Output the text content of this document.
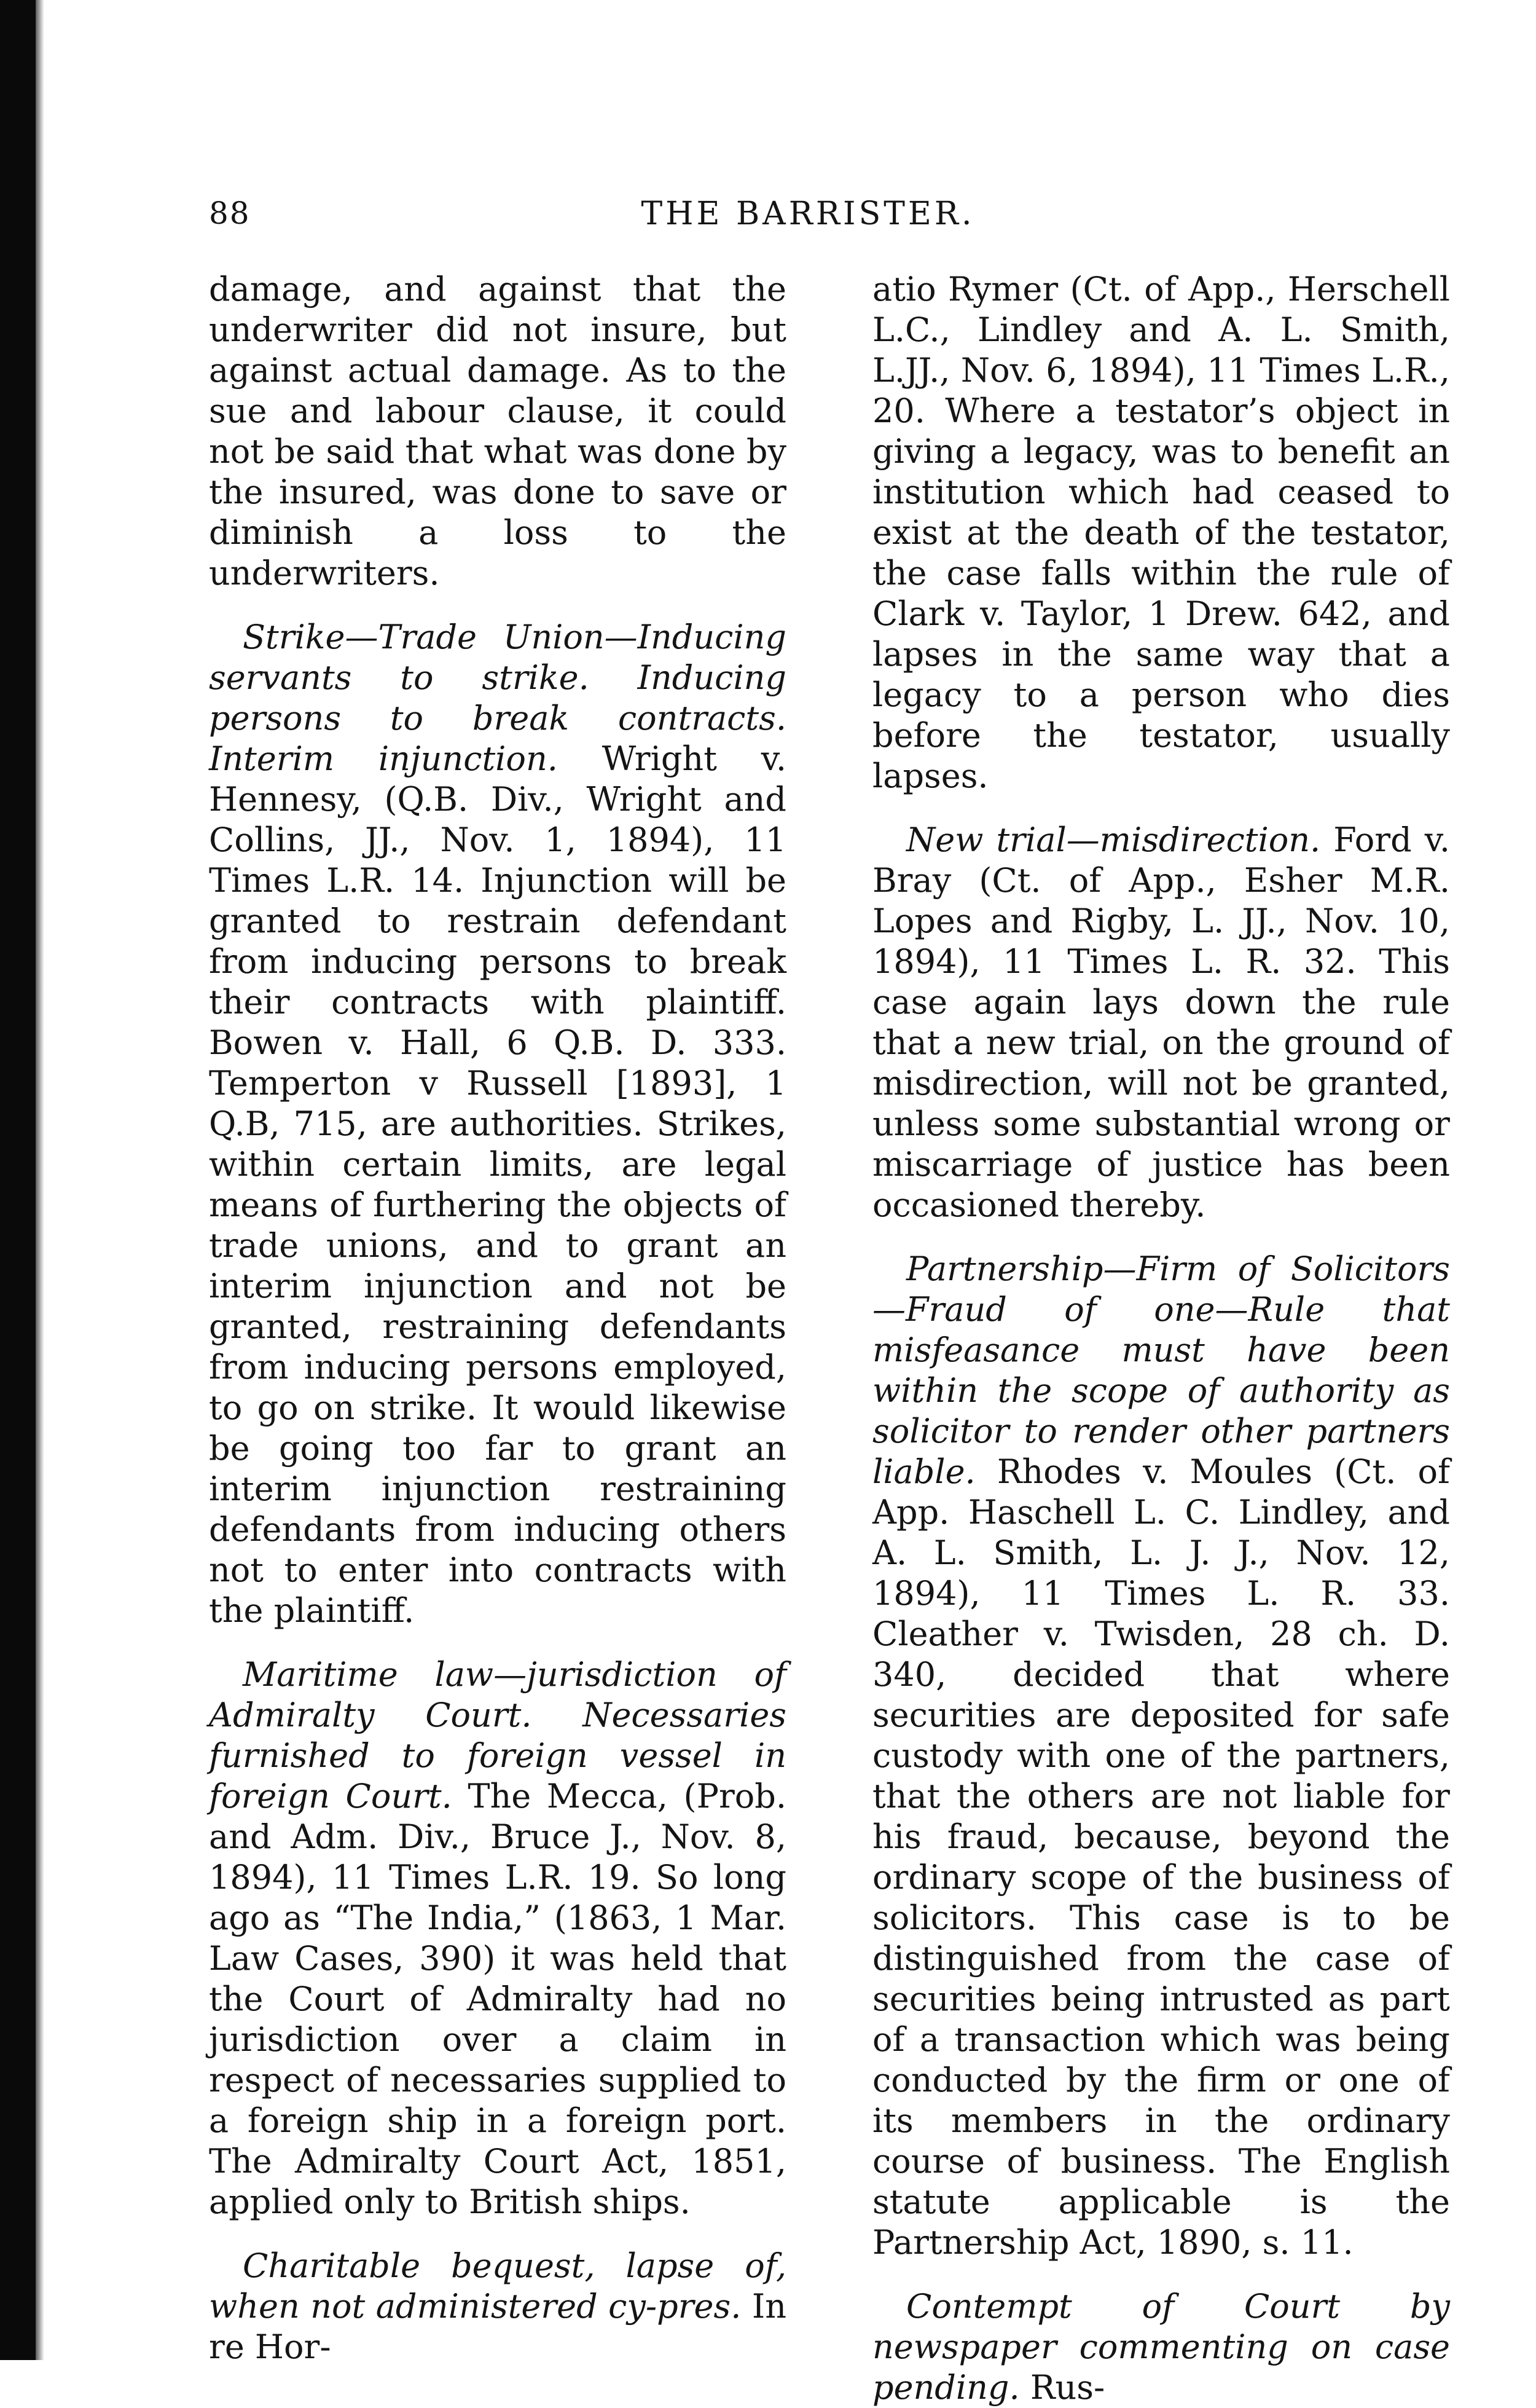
88	THE BARRISTER.

damage, and against that the underwriter did not insure, but against actual damage. As to the sue and labour clause, it could not be said that what was done by the insured, was done to save or diminish a loss to the underwriters.

Strike—Trade Union—Inducing servants to strike. Inducing persons to break contracts. Interim injunction. Wright v. Hennesy, (Q.B. Div., Wright and Collins, JJ., Nov. 1, 1894), 11 Times L.R. 14. Injunction will be granted to restrain defendant from inducing persons to break their contracts with plaintiff. Bowen v. Hall, 6 Q.B. D. 333. Temperton v Russell [1893], 1 Q.B, 715, are authorities. Strikes, within certain limits, are legal means of furthering the objects of trade unions, and to grant an interim injunction and not be granted, restraining defendants from inducing persons employed, to go on strike. It would likewise be going too far to grant an interim injunction restraining defendants from inducing others not to enter into contracts with the plaintiff.

Maritime law—jurisdiction of Admiralty Court. Necessaries furnished to foreign vessel in foreign Court. The Mecca, (Prob. and Adm. Div., Bruce J., Nov. 8, 1894), 11 Times L.R. 19. So long ago as “The India,” (1863, 1 Mar. Law Cases, 390) it was held that the Court of Admiralty had no jurisdiction over a claim in respect of necessaries supplied to a foreign ship in a foreign port. The Admiralty Court Act, 1851, applied only to British ships.

Charitable bequest, lapse of, when not administered cy-pres. In re Hor-

atio Rymer (Ct. of App., Herschell L.C., Lindley and A. L. Smith, L.JJ., Nov. 6, 1894), 11 Times L.R., 20. Where a testator’s object in giving a legacy, was to benefit an institution which had ceased to exist at the death of the testator, the case falls within the rule of Clark v. Taylor, 1 Drew. 642, and lapses in the same way that a legacy to a person who dies before the testator, usually lapses.

New trial—misdirection. Ford v. Bray (Ct. of App., Esher M.R. Lopes and Rigby, L. JJ., Nov. 10, 1894), 11 Times L. R. 32. This case again lays down the rule that a new trial, on the ground of misdirection, will not be granted, unless some substantial wrong or miscarriage of justice has been occasioned thereby.

Partnership—Firm of Solicitors—Fraud of one—Rule that misfeasance must have been within the scope of authority as solicitor to render other partners liable. Rhodes v. Moules (Ct. of App. Haschell L. C. Lindley, and A. L. Smith, L. J. J., Nov. 12, 1894), 11 Times L. R. 33. Cleather v. Twisden, 28 ch. D. 340, decided that where securities are deposited for safe custody with one of the partners, that the others are not liable for his fraud, because, beyond the ordinary scope of the business of solicitors. This case is to be distinguished from the case of securities being intrusted as part of a transaction which was being conducted by the firm or one of its members in the ordinary course of business. The English statute applicable is the Partnership Act, 1890, s. 11.

Contempt of Court by newspaper commenting on case pending. Rus-
